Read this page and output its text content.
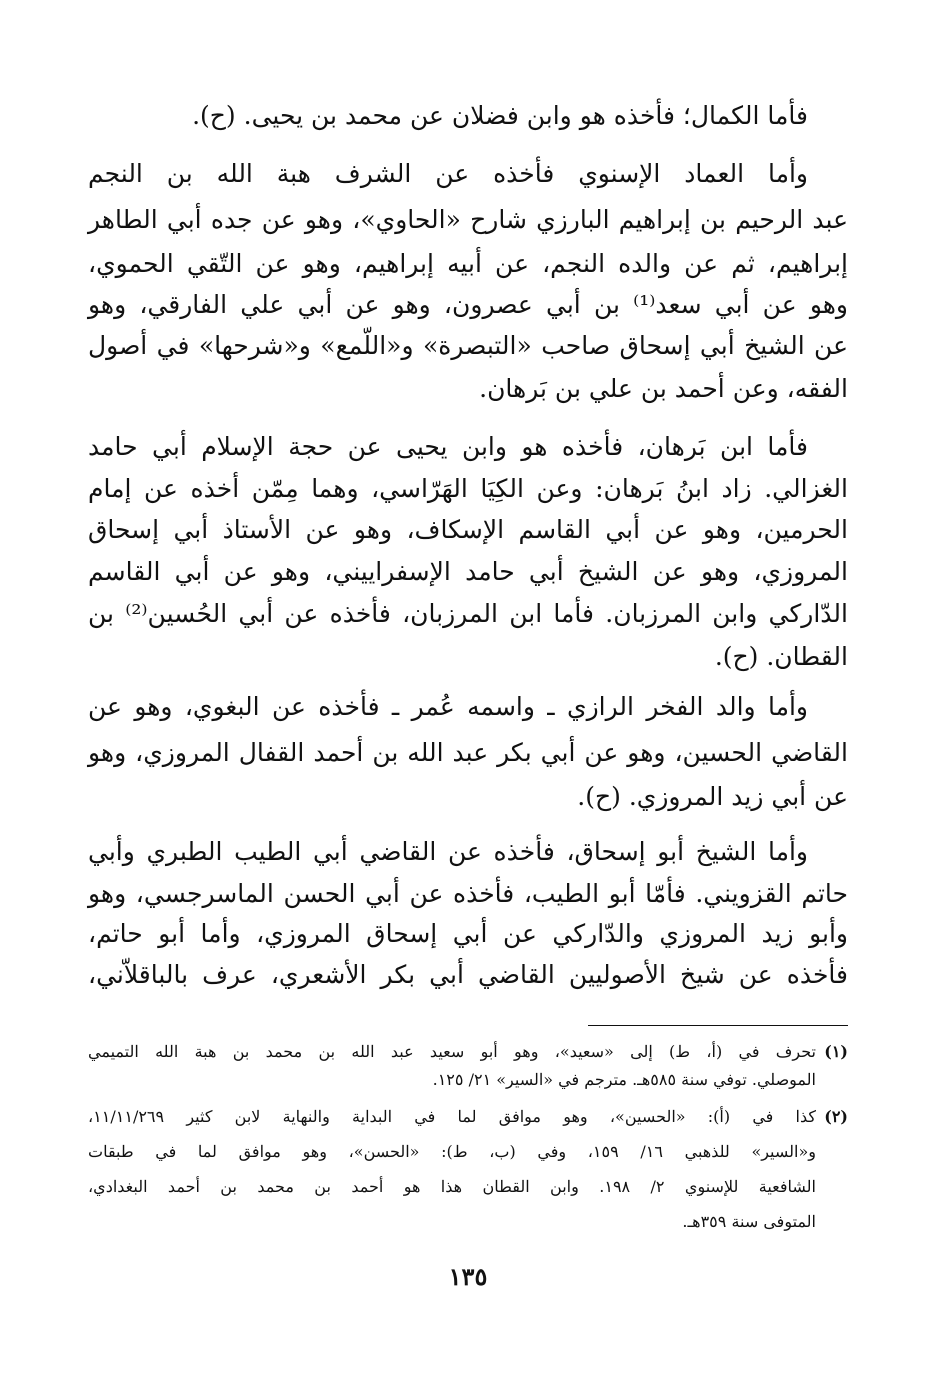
فأما الكمال؛ فأخذه هو وابن فضلان عن محمد بن يحيى. (ح).
وأما العماد الإسنوي فأخذه عن الشرف هبة الله بن النجم
عبد الرحيم بن إبراهيم البارزي شارح «الحاوي»، وهو عن جده أبي الطاهر
إبراهيم، ثم عن والده النجم، عن أبيه إبراهيم، وهو عن التّقي الحموي،
وهو عن أبي سعد⁽¹⁾ بن أبي عصرون، وهو عن أبي علي الفارقي، وهو
عن الشيخ أبي إسحاق صاحب «التبصرة» و«اللّمع» و«شرحها» في أصول
الفقه، وعن أحمد بن علي بن بَرهان.
فأما ابن بَرهان، فأخذه هو وابن يحيى عن حجة الإسلام أبي حامد
الغزالي. زاد ابنُ بَرهان: وعن الكِيَا الهَرّاسي، وهما مِمّن أخذه عن إمام
الحرمين، وهو عن أبي القاسم الإسكاف، وهو عن الأستاذ أبي إسحاق
المروزي، وهو عن الشيخ أبي حامد الإسفراييني، وهو عن أبي القاسم
الدّاركي وابن المرزبان. فأما ابن المرزبان، فأخذه عن أبي الحُسين⁽²⁾ بن
القطان. (ح).
وأما والد الفخر الرازي ـ واسمه عُمر ـ فأخذه عن البغوي، وهو عن
القاضي الحسين، وهو عن أبي بكر عبد الله بن أحمد القفال المروزي، وهو
عن أبي زيد المروزي. (ح).
وأما الشيخ أبو إسحاق، فأخذه عن القاضي أبي الطيب الطبري وأبي
حاتم القزويني. فأمّا أبو الطيب، فأخذه عن أبي الحسن الماسرجسي، وهو
وأبو زيد المروزي والدّاركي عن أبي إسحاق المروزي، وأما أبو حاتم،
فأخذه عن شيخ الأصوليين القاضي أبي بكر الأشعري، عرف بالباقلاّني،
(١)
تحرف في (أ، ط) إلى «سعيد»، وهو أبو سعيد عبد الله بن محمد بن هبة الله التميمي
الموصلي. توفي سنة ٥٨٥هـ. مترجم في «السير» ٢١/ ١٢٥.
(٢)
كذا في (أ): «الحسين»، وهو موافق لما في البداية والنهاية لابن كثير ١١/١١/٢٦٩،
و«السير» للذهبي ١٦/ ١٥٩، وفي (ب، ط): «الحسن»، وهو موافق لما في طبقات
الشافعية للإسنوي ٢/ ١٩٨. وابن القطان هذا هو أحمد بن محمد بن أحمد البغدادي،
المتوفى سنة ٣٥٩هـ.
١٣٥
